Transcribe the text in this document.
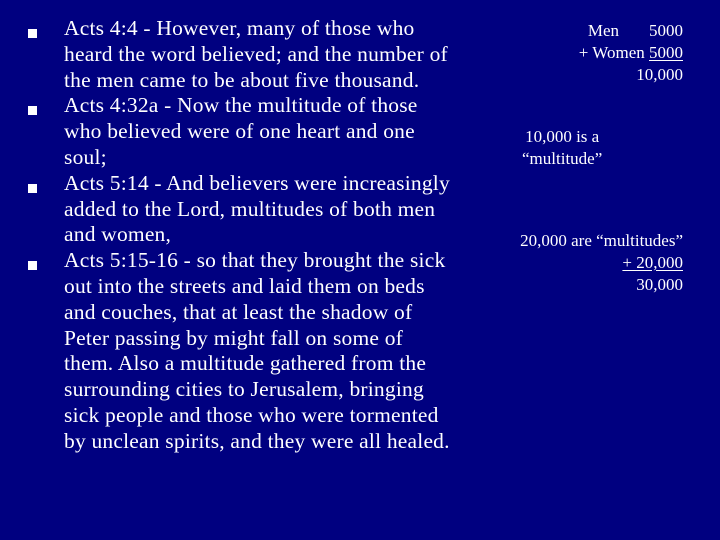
Acts 4:4 - However, many of those who heard the word believed; and the number of the men came to be about five thousand.
Acts 4:32a - Now the multitude of those who believed were of one heart and one soul;
Acts 5:14 - And believers were increasingly added to the Lord, multitudes of both men and women,
Acts 5:15-16 - so that they brought the sick out into the streets and laid them on beds and couches, that at least the shadow of Peter passing by might fall on some of them. Also a multitude gathered from the surrounding cities to Jerusalem, bringing sick people and those who were tormented by unclean spirits, and they were all healed.
Men 5000
+ Women 5000
10,000
10,000 is a
“multitude”
20,000 are “multitudes”
+ 20,000
30,000
